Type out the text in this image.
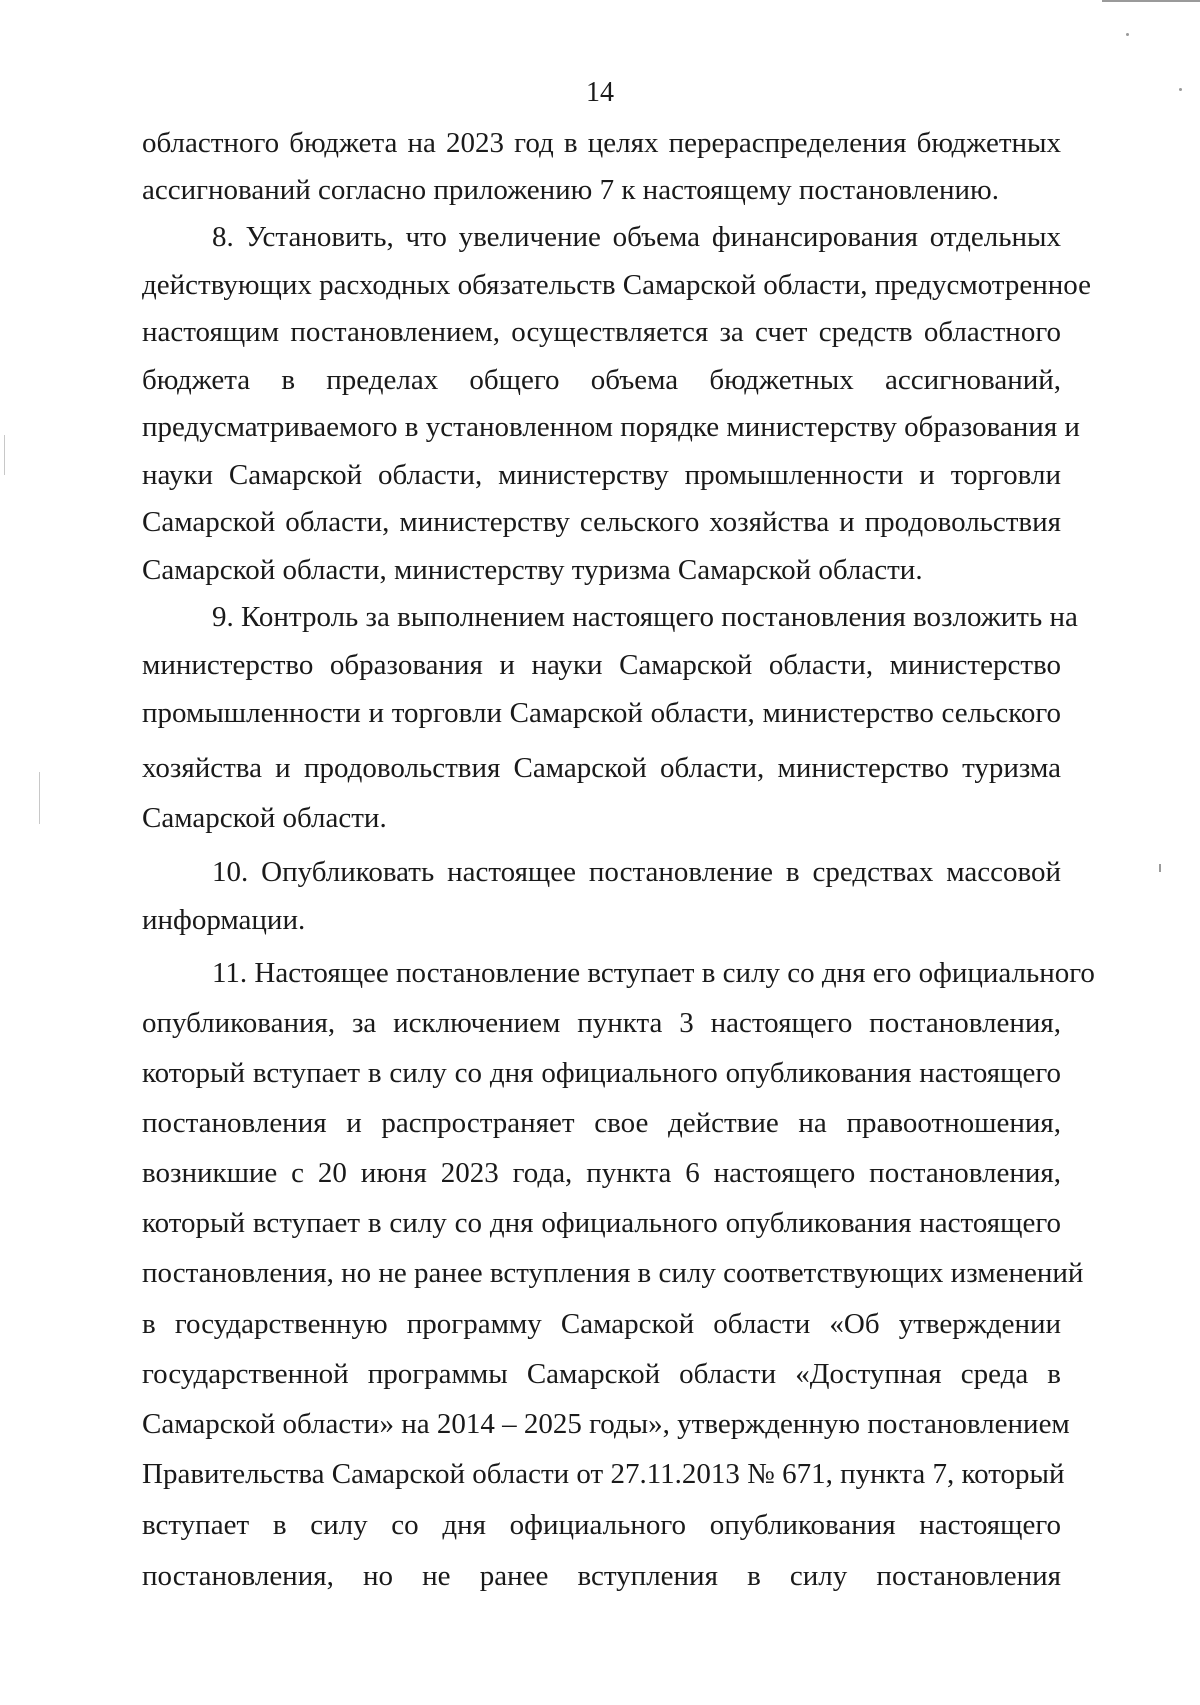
14
областного бюджета на 2023 год в целях перераспределения бюджетных
ассигнований согласно приложению 7 к настоящему постановлению.
8. Установить, что увеличение объема финансирования отдельных
действующих расходных обязательств Самарской области, предусмотренное
настоящим постановлением, осуществляется за счет средств областного
бюджета в пределах общего объема бюджетных ассигнований,
предусматриваемого в установленном порядке министерству образования и
науки Самарской области, министерству промышленности и торговли
Самарской области, министерству сельского хозяйства и продовольствия
Самарской области, министерству туризма Самарской области.
9. Контроль за выполнением настоящего постановления возложить на
министерство образования и науки Самарской области, министерство
промышленности и торговли Самарской области, министерство сельского
хозяйства и продовольствия Самарской области, министерство туризма
Самарской области.
10. Опубликовать настоящее постановление в средствах массовой
информации.
11. Настоящее постановление вступает в силу со дня его официального
опубликования, за исключением пункта 3 настоящего постановления,
который вступает в силу со дня официального опубликования настоящего
постановления и распространяет свое действие на правоотношения,
возникшие с 20 июня 2023 года, пункта 6 настоящего постановления,
который вступает в силу со дня официального опубликования настоящего
постановления, но не ранее вступления в силу соответствующих изменений
в государственную программу Самарской области «Об утверждении
государственной программы Самарской области «Доступная среда в
Самарской области» на 2014 – 2025 годы», утвержденную постановлением
Правительства Самарской области от 27.11.2013 № 671, пункта 7, который
вступает в силу со дня официального опубликования настоящего
постановления, но не ранее вступления в силу постановления
